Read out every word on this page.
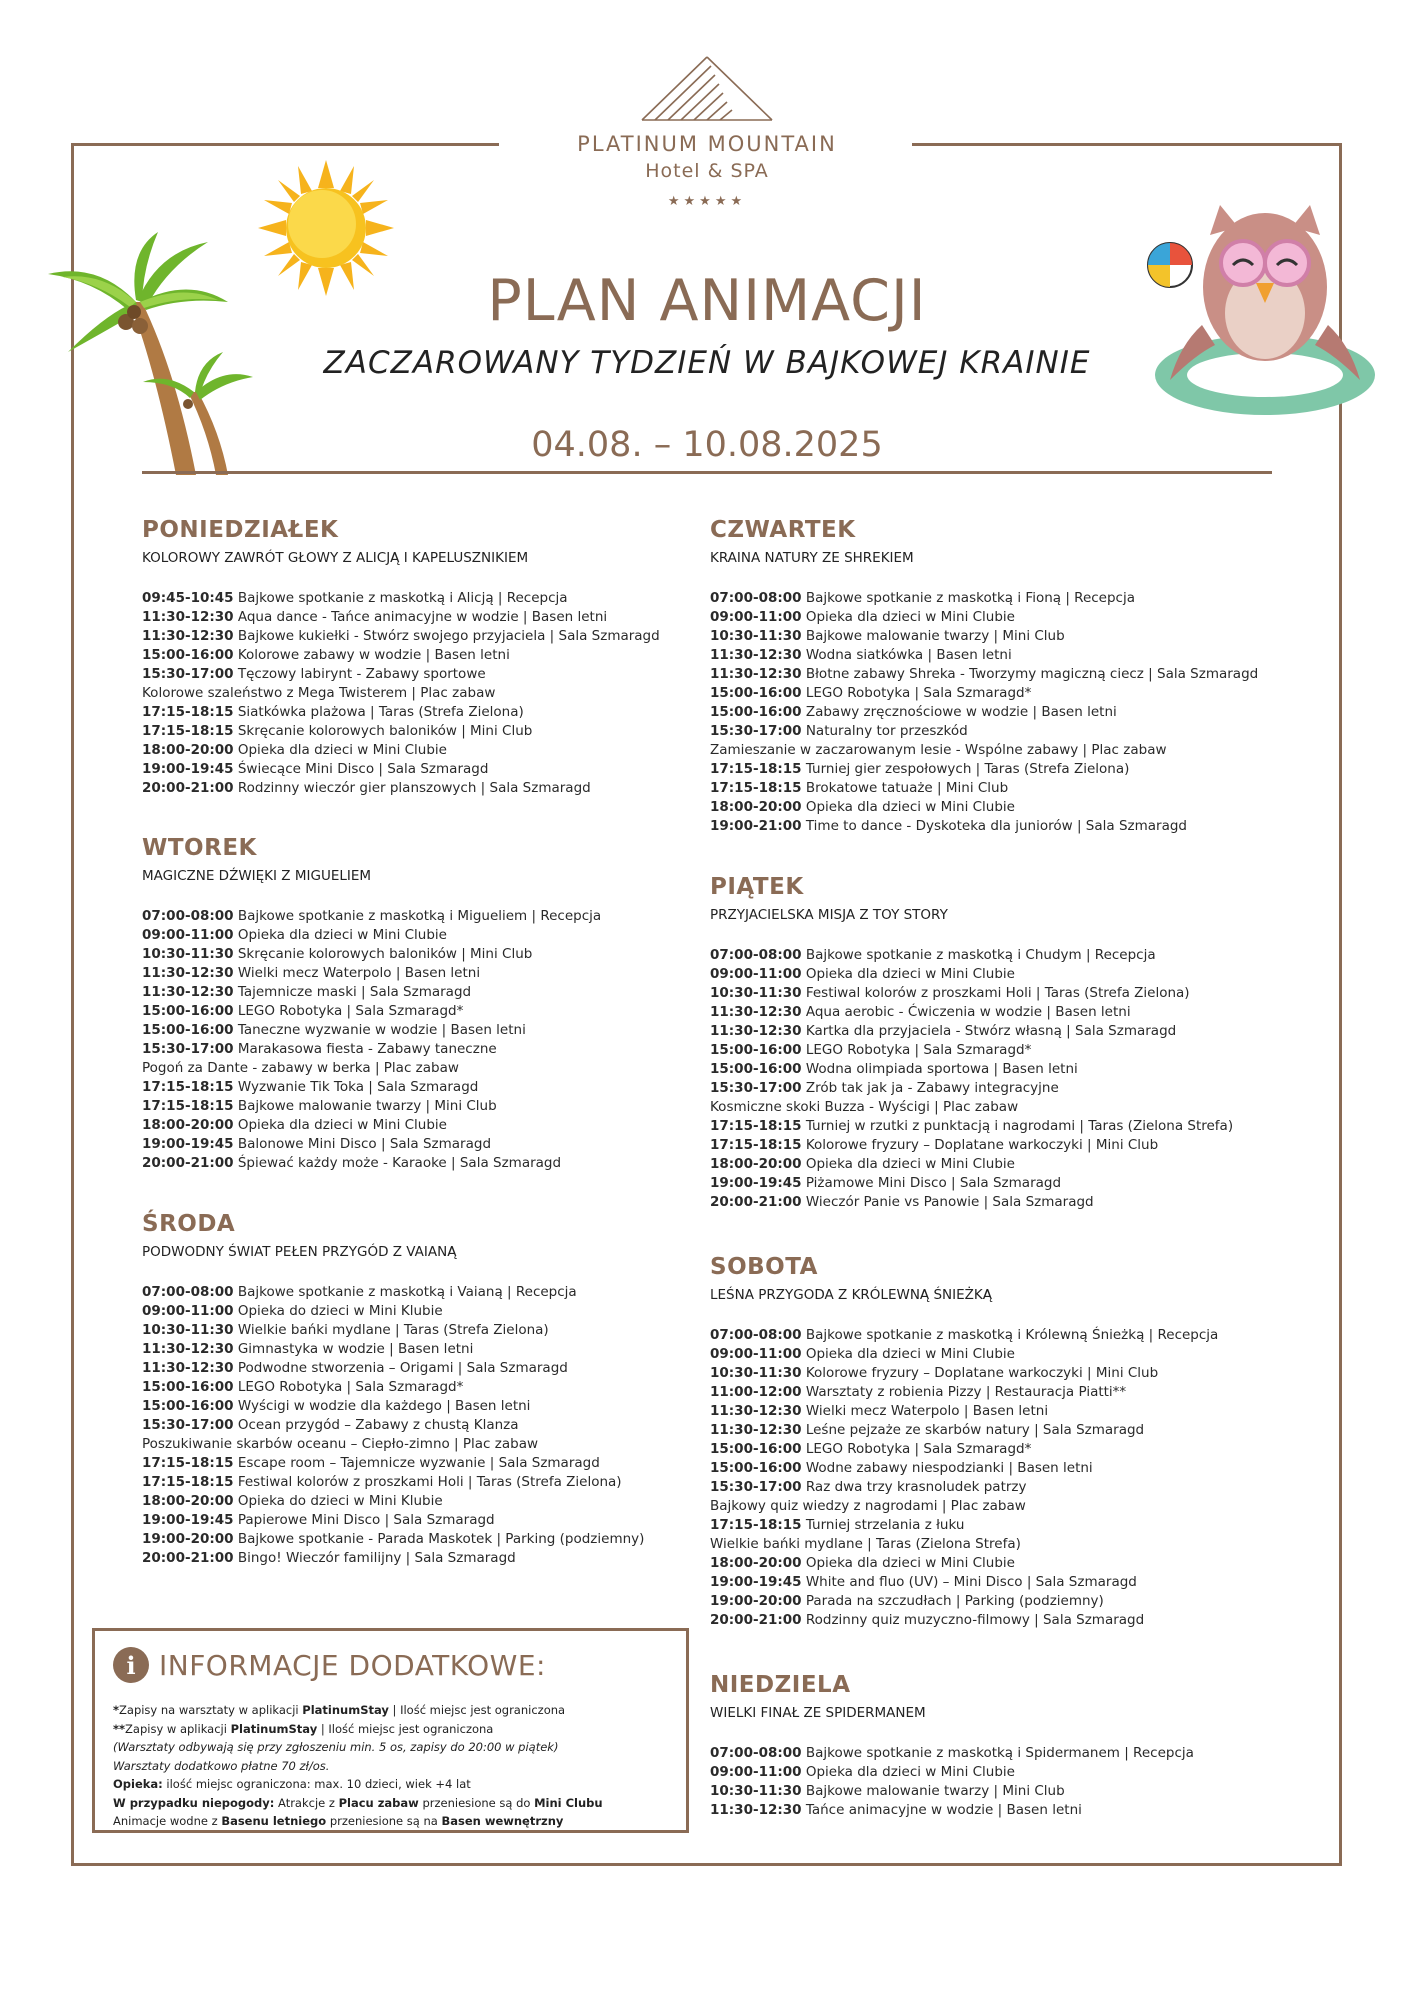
PLATINUM MOUNTAIN
Hotel & SPA
★★★★★
PLAN ANIMACJI
ZACZAROWANY TYDZIEŃ W BAJKOWEJ KRAINIE
04.08. – 10.08.2025
PONIEDZIAŁEK
KOLOROWY ZAWRÓT GŁOWY Z ALICJĄ I KAPELUSZNIKIEM
09:45-10:45 Bajkowe spotkanie z maskotką i Alicją | Recepcja
11:30-12:30 Aqua dance - Tańce animacyjne w wodzie | Basen letni
11:30-12:30 Bajkowe kukiełki - Stwórz swojego przyjaciela | Sala Szmaragd
15:00-16:00 Kolorowe zabawy w wodzie | Basen letni
15:30-17:00 Tęczowy labirynt - Zabawy sportowe
Kolorowe szaleństwo z Mega Twisterem | Plac zabaw
17:15-18:15 Siatkówka plażowa | Taras (Strefa Zielona)
17:15-18:15 Skręcanie kolorowych baloników | Mini Club
18:00-20:00 Opieka dla dzieci w Mini Clubie
19:00-19:45 Świecące Mini Disco | Sala Szmaragd
20:00-21:00 Rodzinny wieczór gier planszowych | Sala Szmaragd
WTOREK
MAGICZNE DŹWIĘKI Z MIGUELIEM
07:00-08:00 Bajkowe spotkanie z maskotką i Migueliem | Recepcja
09:00-11:00 Opieka dla dzieci w Mini Clubie
10:30-11:30 Skręcanie kolorowych baloników | Mini Club
11:30-12:30 Wielki mecz Waterpolo | Basen letni
11:30-12:30 Tajemnicze maski | Sala Szmaragd
15:00-16:00 LEGO Robotyka | Sala Szmaragd*
15:00-16:00 Taneczne wyzwanie w wodzie | Basen letni
15:30-17:00 Marakasowa fiesta - Zabawy taneczne
Pogoń za Dante - zabawy w berka | Plac zabaw
17:15-18:15 Wyzwanie Tik Toka | Sala Szmaragd
17:15-18:15 Bajkowe malowanie twarzy | Mini Club
18:00-20:00 Opieka dla dzieci w Mini Clubie
19:00-19:45 Balonowe Mini Disco | Sala Szmaragd
20:00-21:00 Śpiewać każdy może - Karaoke | Sala Szmaragd
ŚRODA
PODWODNY ŚWIAT PEŁEN PRZYGÓD Z VAIANĄ
07:00-08:00 Bajkowe spotkanie z maskotką i Vaianą | Recepcja
09:00-11:00 Opieka do dzieci w Mini Klubie
10:30-11:30 Wielkie bańki mydlane | Taras (Strefa Zielona)
11:30-12:30 Gimnastyka w wodzie | Basen letni
11:30-12:30 Podwodne stworzenia – Origami | Sala Szmaragd
15:00-16:00 LEGO Robotyka | Sala Szmaragd*
15:00-16:00 Wyścigi w wodzie dla każdego | Basen letni
15:30-17:00 Ocean przygód – Zabawy z chustą Klanza
Poszukiwanie skarbów oceanu – Ciepło-zimno | Plac zabaw
17:15-18:15 Escape room – Tajemnicze wyzwanie | Sala Szmaragd
17:15-18:15 Festiwal kolorów z proszkami Holi | Taras (Strefa Zielona)
18:00-20:00 Opieka do dzieci w Mini Klubie
19:00-19:45 Papierowe Mini Disco | Sala Szmaragd
19:00-20:00 Bajkowe spotkanie - Parada Maskotek | Parking (podziemny)
20:00-21:00 Bingo! Wieczór familijny | Sala Szmaragd
CZWARTEK
KRAINA NATURY ZE SHREKIEM
07:00-08:00 Bajkowe spotkanie z maskotką i Fioną | Recepcja
09:00-11:00 Opieka dla dzieci w Mini Clubie
10:30-11:30 Bajkowe malowanie twarzy | Mini Club
11:30-12:30 Wodna siatkówka | Basen letni
11:30-12:30 Błotne zabawy Shreka - Tworzymy magiczną ciecz | Sala Szmaragd
15:00-16:00 LEGO Robotyka | Sala Szmaragd*
15:00-16:00 Zabawy zręcznościowe w wodzie | Basen letni
15:30-17:00 Naturalny tor przeszkód
Zamieszanie w zaczarowanym lesie - Wspólne zabawy | Plac zabaw
17:15-18:15 Turniej gier zespołowych | Taras (Strefa Zielona)
17:15-18:15 Brokatowe tatuaże | Mini Club
18:00-20:00 Opieka dla dzieci w Mini Clubie
19:00-21:00 Time to dance - Dyskoteka dla juniorów | Sala Szmaragd
PIĄTEK
PRZYJACIELSKA MISJA Z TOY STORY
07:00-08:00 Bajkowe spotkanie z maskotką i Chudym | Recepcja
09:00-11:00 Opieka dla dzieci w Mini Clubie
10:30-11:30 Festiwal kolorów z proszkami Holi | Taras (Strefa Zielona)
11:30-12:30 Aqua aerobic - Ćwiczenia w wodzie | Basen letni
11:30-12:30 Kartka dla przyjaciela - Stwórz własną | Sala Szmaragd
15:00-16:00 LEGO Robotyka | Sala Szmaragd*
15:00-16:00 Wodna olimpiada sportowa | Basen letni
15:30-17:00 Zrób tak jak ja - Zabawy integracyjne
Kosmiczne skoki Buzza - Wyścigi | Plac zabaw
17:15-18:15 Turniej w rzutki z punktacją i nagrodami | Taras (Zielona Strefa)
17:15-18:15 Kolorowe fryzury – Doplatane warkoczyki | Mini Club
18:00-20:00 Opieka dla dzieci w Mini Clubie
19:00-19:45 Piżamowe Mini Disco | Sala Szmaragd
20:00-21:00 Wieczór Panie vs Panowie | Sala Szmaragd
SOBOTA
LEŚNA PRZYGODA Z KRÓLEWNĄ ŚNIEŻKĄ
07:00-08:00 Bajkowe spotkanie z maskotką i Królewną Śnieżką | Recepcja
09:00-11:00 Opieka dla dzieci w Mini Clubie
10:30-11:30 Kolorowe fryzury – Doplatane warkoczyki | Mini Club
11:00-12:00 Warsztaty z robienia Pizzy | Restauracja Piatti**
11:30-12:30 Wielki mecz Waterpolo | Basen letni
11:30-12:30 Leśne pejzaże ze skarbów natury | Sala Szmaragd
15:00-16:00 LEGO Robotyka | Sala Szmaragd*
15:00-16:00 Wodne zabawy niespodzianki | Basen letni
15:30-17:00 Raz dwa trzy krasnoludek patrzy
Bajkowy quiz wiedzy z nagrodami | Plac zabaw
17:15-18:15 Turniej strzelania z łuku
Wielkie bańki mydlane | Taras (Zielona Strefa)
18:00-20:00 Opieka dla dzieci w Mini Clubie
19:00-19:45 White and fluo (UV) – Mini Disco | Sala Szmaragd
19:00-20:00 Parada na szczudłach | Parking (podziemny)
20:00-21:00 Rodzinny quiz muzyczno-filmowy | Sala Szmaragd
NIEDZIELA
WIELKI FINAŁ ZE SPIDERMANEM
07:00-08:00 Bajkowe spotkanie z maskotką i Spidermanem | Recepcja
09:00-11:00 Opieka dla dzieci w Mini Clubie
10:30-11:30 Bajkowe malowanie twarzy | Mini Club
11:30-12:30 Tańce animacyjne w wodzie | Basen letni
i INFORMACJE DODATKOWE:
*Zapisy na warsztaty w aplikacji PlatinumStay | Ilość miejsc jest ograniczona
**Zapisy w aplikacji PlatinumStay | Ilość miejsc jest ograniczona
(Warsztaty odbywają się przy zgłoszeniu min. 5 os, zapisy do 20:00 w piątek)
Warsztaty dodatkowo płatne 70 zł/os.
Opieka: ilość miejsc ograniczona: max. 10 dzieci, wiek +4 lat
W przypadku niepogody: Atrakcje z Placu zabaw przeniesione są do Mini Clubu
Animacje wodne z Basenu letniego przeniesione są na Basen wewnętrzny
